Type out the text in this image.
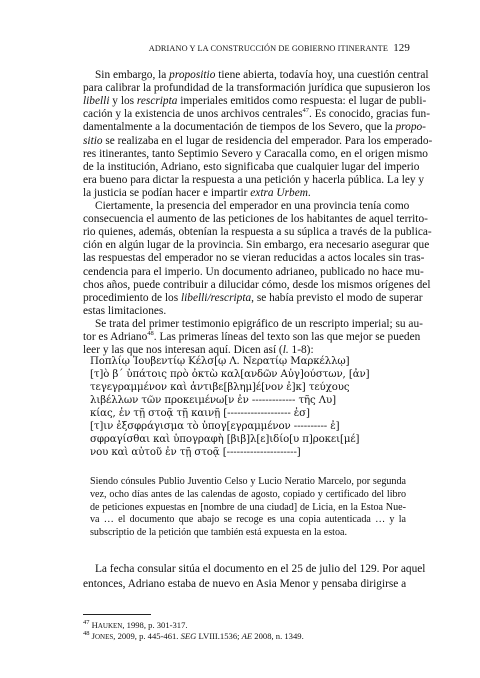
ADRIANO Y LA CONSTRUCCIÓN DE GOBIERNO ITINERANTE 129
Sin embargo, la propositio tiene abierta, todavía hoy, una cuestión central
para calibrar la profundidad de la transformación jurídica que supusieron los
libelli y los rescripta imperiales emitidos como respuesta: el lugar de publi-
cación y la existencia de unos archivos centrales$^{47}$. Es conocido, gracias fun-
damentalmente a la documentación de tiempos de los Severo, que la propo-
sitio se realizaba en el lugar de residencia del emperador. Para los emperado-
res itinerantes, tanto Septimio Severo y Caracalla como, en el origen mismo
de la institución, Adriano, esto significaba que cualquier lugar del imperio
era bueno para dictar la respuesta a una petición y hacerla pública. La ley y
la justicia se podían hacer e impartir extra Urbem.
Ciertamente, la presencia del emperador en una provincia tenía como
consecuencia el aumento de las peticiones de los habitantes de aquel territo-
rio quienes, además, obtenían la respuesta a su súplica a través de la publica-
ción en algún lugar de la provincia. Sin embargo, era necesario asegurar que
las respuestas del emperador no se vieran reducidas a actos locales sin tras-
cendencia para el imperio. Un documento adrianeo, publicado no hace mu-
chos años, puede contribuir a dilucidar cómo, desde los mismos orígenes del
procedimiento de los libelli/rescripta, se había previsto el modo de superar
estas limitaciones.
Se trata del primer testimonio epigráfico de un rescripto imperial; su au-
tor es Adriano$^{48}$. Las primeras líneas del texto son las que mejor se pueden
leer y las que nos interesan aquí. Dicen así (l. 1-8):
Ποπλίῳ Ἰουβεντίῳ Κέλσ[ῳ Λ. Νερατίῳ Μαρκέλλῳ]
[τ]ὸ β´ ὑπάτοις πρὸ ὀκτὼ καλ[ανδῶν Αὐγ]ούστων, [ἀν]
τεγεγραμμένον καὶ ἀντιβε[βλημ]έ[νον ἐ]κ] τεύχους
λιβέλλων τῶν προκειμένω[ν ἐν ------------- τῆς Λυ]
κίας, ἐν τῇ στοᾷ τῇ καινῇ [------------------- ἐσ]
[τ]ιν ἐξσφράγισμα τὸ ὑπογ[εγραμμένον ---------- ἐ]
σφραγίσθαι καὶ ὑπογραφὴ [βιβ]λ[ε]ιδίο[υ π]ροκει[μέ]
νου καὶ αὐτοῦ ἐν τῇ στοᾷ [---------------------]
Siendo cónsules Publio Juventio Celso y Lucio Neratio Marcelo, por segunda
vez, ocho días antes de las calendas de agosto, copiado y certificado del libro
de peticiones expuestas en [nombre de una ciudad] de Licia, en la Estoa Nue-
va … el documento que abajo se recoge es una copia autenticada … y la
subscriptio de la petición que también está expuesta en la estoa.
La fecha consular sitúa el documento en el 25 de julio del 129. Por aquel
entonces, Adriano estaba de nuevo en Asia Menor y pensaba dirigirse a
$^{47}$ HAUKEN, 1998, p. 301-317.
$^{48}$ JONES, 2009, p. 445-461. SEG LVIII.1536; AE 2008, n. 1349.
